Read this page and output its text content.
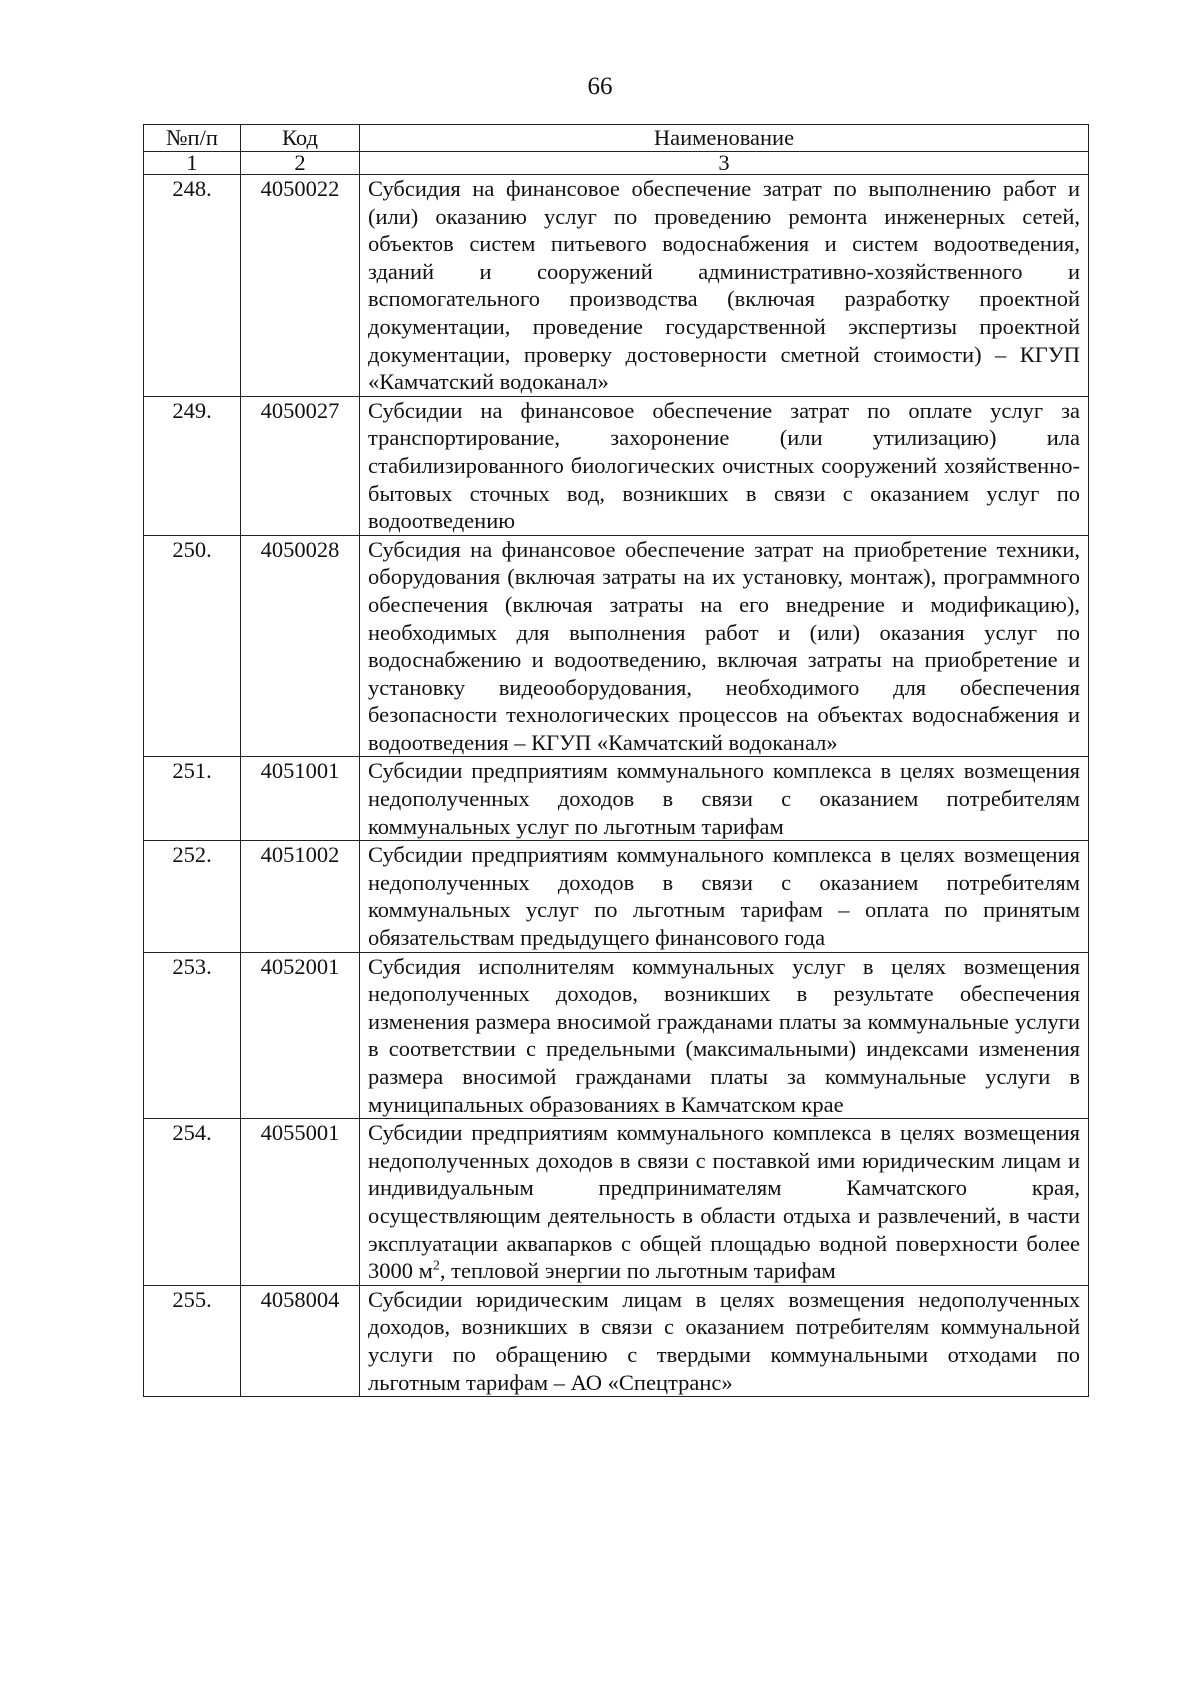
66
№п/п	Код	Наименование
1	2	3
248.	4050022	Субсидия на финансовое обеспечение затрат по выполнению работ и (или) оказанию услуг по проведению ремонта инженерных сетей, объектов систем питьевого водоснабжения и систем водоотведения, зданий и сооружений административно-хозяйственного и вспомогательного производства (включая разработку проектной документации, проведение государственной экспертизы проектной документации, проверку достоверности сметной стоимости) – КГУП «Камчатский водоканал»
249.	4050027	Субсидии на финансовое обеспечение затрат по оплате услуг за транспортирование, захоронение (или утилизацию) ила стабилизированного биологических очистных сооружений хозяйственно-бытовых сточных вод, возникших в связи с оказанием услуг по водоотведению
250.	4050028	Субсидия на финансовое обеспечение затрат на приобретение техники, оборудования (включая затраты на их установку, монтаж), программного обеспечения (включая затраты на его внедрение и модификацию), необходимых для выполнения работ и (или) оказания услуг по водоснабжению и водоотведению, включая затраты на приобретение и установку видеооборудования, необходимого для обеспечения безопасности технологических процессов на объектах водоснабжения и водоотведения – КГУП «Камчатский водоканал»
251.	4051001	Субсидии предприятиям коммунального комплекса в целях возмещения недополученных доходов в связи с оказанием потребителям коммунальных услуг по льготным тарифам
252.	4051002	Субсидии предприятиям коммунального комплекса в целях возмещения недополученных доходов в связи с оказанием потребителям коммунальных услуг по льготным тарифам – оплата по принятым обязательствам предыдущего финансового года
253.	4052001	Субсидия исполнителям коммунальных услуг в целях возмещения недополученных доходов, возникших в результате обеспечения изменения размера вносимой гражданами платы за коммунальные услуги в соответствии с предельными (максимальными) индексами изменения размера вносимой гражданами платы за коммунальные услуги в муниципальных образованиях в Камчатском крае
254.	4055001	Субсидии предприятиям коммунального комплекса в целях возмещения недополученных доходов в связи с поставкой ими юридическим лицам и индивидуальным предпринимателям Камчатского края, осуществляющим деятельность в области отдыха и развлечений, в части эксплуатации аквапарков с общей площадью водной поверхности более 3000 $м^2$, тепловой энергии по льготным тарифам
255.	4058004	Субсидии юридическим лицам в целях возмещения недополученных доходов, возникших в связи с оказанием потребителям коммунальной услуги по обращению с твердыми коммунальными отходами по льготным тарифам – АО «Спецтранс»
